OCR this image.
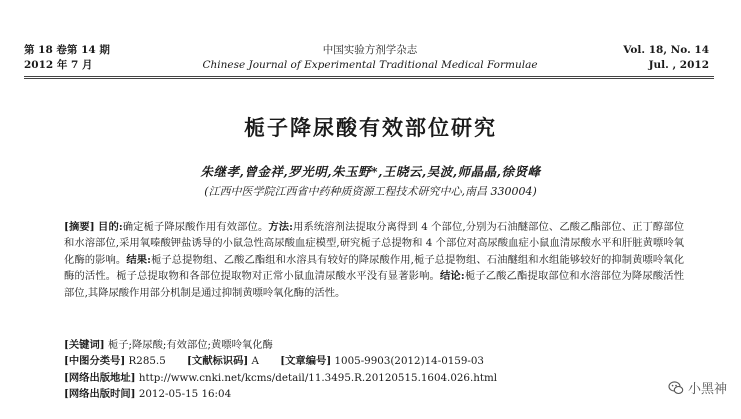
第 18 卷第 14 期
2012 年 7 月
中国实验方剂学杂志
Chinese Journal of Experimental Traditional Medical Formulae
Vol. 18, No. 14
Jul. , 2012
栀子降尿酸有效部位研究
朱继孝,曾金祥,罗光明,朱玉野*,王晓云,吴波,师晶晶,徐贤峰
(江西中医学院江西省中药种质资源工程技术研究中心,南昌 330004)
[摘要] 目的:确定栀子降尿酸作用有效部位。方法:用系统溶剂法提取分离得到 4 个部位,分别为石油醚部位、乙酸乙酯部位、正丁醇部位和水溶部位,采用氧嗪酸钾盐诱导的小鼠急性高尿酸血症模型,研究栀子总提物和 4 个部位对高尿酸血症小鼠血清尿酸水平和肝脏黄嘌呤氧化酶的影响。结果:栀子总提物组、乙酸乙酯组和水溶具有较好的降尿酸作用,栀子总提物组、石油醚组和水组能够较好的抑制黄嘌呤氧化酶的活性。栀子总提取物和各部位提取物对正常小鼠血清尿酸水平没有显著影响。结论:栀子乙酸乙酯提取部位和水溶部位为降尿酸活性部位,其降尿酸作用部分机制是通过抑制黄嘌呤氧化酶的活性。
[关键词] 栀子;降尿酸;有效部位;黄嘌呤氧化酶
[中图分类号] R285.5 [文献标识码] A [文章编号] 1005-9903(2012)14-0159-03
[网络出版地址] http://www.cnki.net/kcms/detail/11.3495.R.20120515.1604.026.html
[网络出版时间] 2012-05-15 16:04	小黑神
